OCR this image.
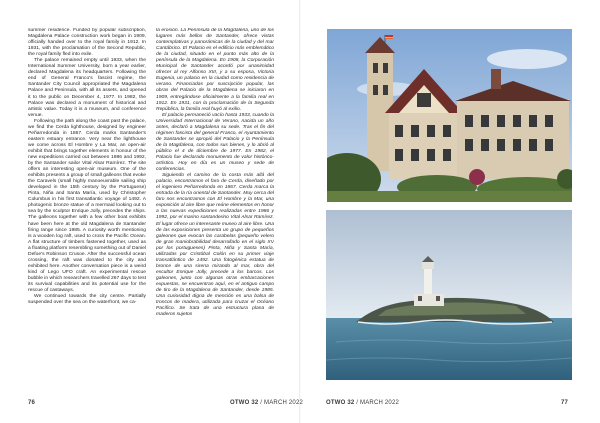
summer residence. Funded by popular subscription, Magdalena Palace construction work began in 1909, officially handed over to the royal family in 1912. In 1931, with the proclamation of the Second Republic, the royal family fled into exile.

The palace remained empty until 1933, when the International Summer University, born a year earlier, declared Magdalena its headquarters. Following the end of General Franco's fascist regime, the Santander City Council appropriated the Magdalena Palace and Peninsula, with all its assets, and opened it to the public on December 4, 1977. In 1982, the Palace was declared a monument of historical and artistic value. Today it is a museum, and conference venue.

Following the path along the coast past the palace, we find the Cerda lighthouse, designed by engineer Peñarredonda in 1867. Cerda marks Santander's eastern estuary entrance. Very near the lighthouse we come across El Hombre y La Mar, an open-air exhibit that brings together elements in honour of the new expeditions carried out between 1986 and 1992, by the Santander sailor Vital Alsar Ramírez. The site offers an interesting open-air museum. One of the exhibits presents a group of small galleons that evoke the Caravels (small highly manoeuvrable sailing ship developed in the 15th century by the Portuguese) Pinta, Niña and Santa María, used by Christopher Columbus in his first transatlantic voyage of 1492. A photogenic bronze statue of a mermaid looking out to sea by the sculptor Enrique Jolly, precedes the ships. The galleons together with a few other boat exhibits have been here at the old Magdalena de Santander firing range since 1985. A curiosity worth mentioning is a wooden log raft, used to cross the Pacific Ocean. A flat structure of timbers fastened together, used as a floating platform resembling something out of Daniel Defoe's Robinson Crusoe. After the successful ocean crossing, the raft was donated to the city and exhibited here. Another conversation piece is a weird kind of Lego UFO craft. An experimental rescue bubble in which researchers travelled 267 days to test its survival capabilities and its potential use for the rescue of castaways.

We continued towards the city centre. Partially suspended over the sea on the waterfront, we ca-

la erosión. La Península de la Magdalena, uno de los lugares más bellos de Santander, ofrece vistas contemplativas y panorámicas de la ciudad y del mar Cantábrico. El Palacio es el edificio más emblemático de la ciudad, situado en el punto más alto de la península de la Magdalena. En 1908, la Corporación Municipal de Santander acordó por unanimidad ofrecer al rey Alfonso XIII, y a su esposa, Victoria Eugenia, un palacio en la ciudad como residencia de verano. Financiadas por suscripción popular, las obras del Palacio de la Magdalena se iniciaron en 1909, entregándose oficialmente a la familia real en 1912. En 1931, con la proclamación de la Segunda República, la familia real huyó al exilio.

El palacio permaneció vacío hasta 1933, cuando la Universidad Internacional de Verano, nacida un año antes, declaró a Magdalena su sede. Tras el fin del régimen fascista del general Franco, el Ayuntamiento de Santander se apropió del Palacio y la Península de la Magdalena, con todos sus bienes, y lo abrió al público el 4 de diciembre de 1977. En 1982, el Palacio fue declarado monumento de valor histórico-artístico. Hoy en día es un museo y sede de conferencias.

Siguiendo el camino de la costa más allá del palacio, encontramos el faro de Cerda, diseñado por el ingeniero Peñarredonda en 1867. Cerda marca la entrada de la ría oriental de Santander. Muy cerca del faro nos encontramos con El Hombre y la Mar, una exposición al aire libre que reúne elementos en honor a las nuevas expediciones realizadas entre 1986 y 1992, por el marino santanderino Vital Alsar Ramírez. El lugar ofrece un interesante museo al aire libre. Una de las exposiciones presenta un grupo de pequeños galeones que evocan las carabelas (pequeño velero de gran maniobrabilidad desarrollado en el siglo XV por los portugueses) Pinta, Niña y Santa María, utilizadas por Cristóbal Colón en su primer viaje transatlántico de 1492. Una fotogénica estatua de bronce de una sirena mirando al mar, obra del escultor Enrique Jolly, precede a los barcos. Los galeones, junto con algunas otras embarcaciones expuestas, se encuentran aquí, en el antiguo campo de tiro de la Magdalena de Santander, desde 1985. Una curiosidad digna de mención es una balsa de troncos de madera, utilizada para cruzar el Océano Pacífico. Se trata de una estructura plana de maderos sujetos

76	OTWO 32 / MARCH 2022	OTWO 32 / MARCH 2022	77
